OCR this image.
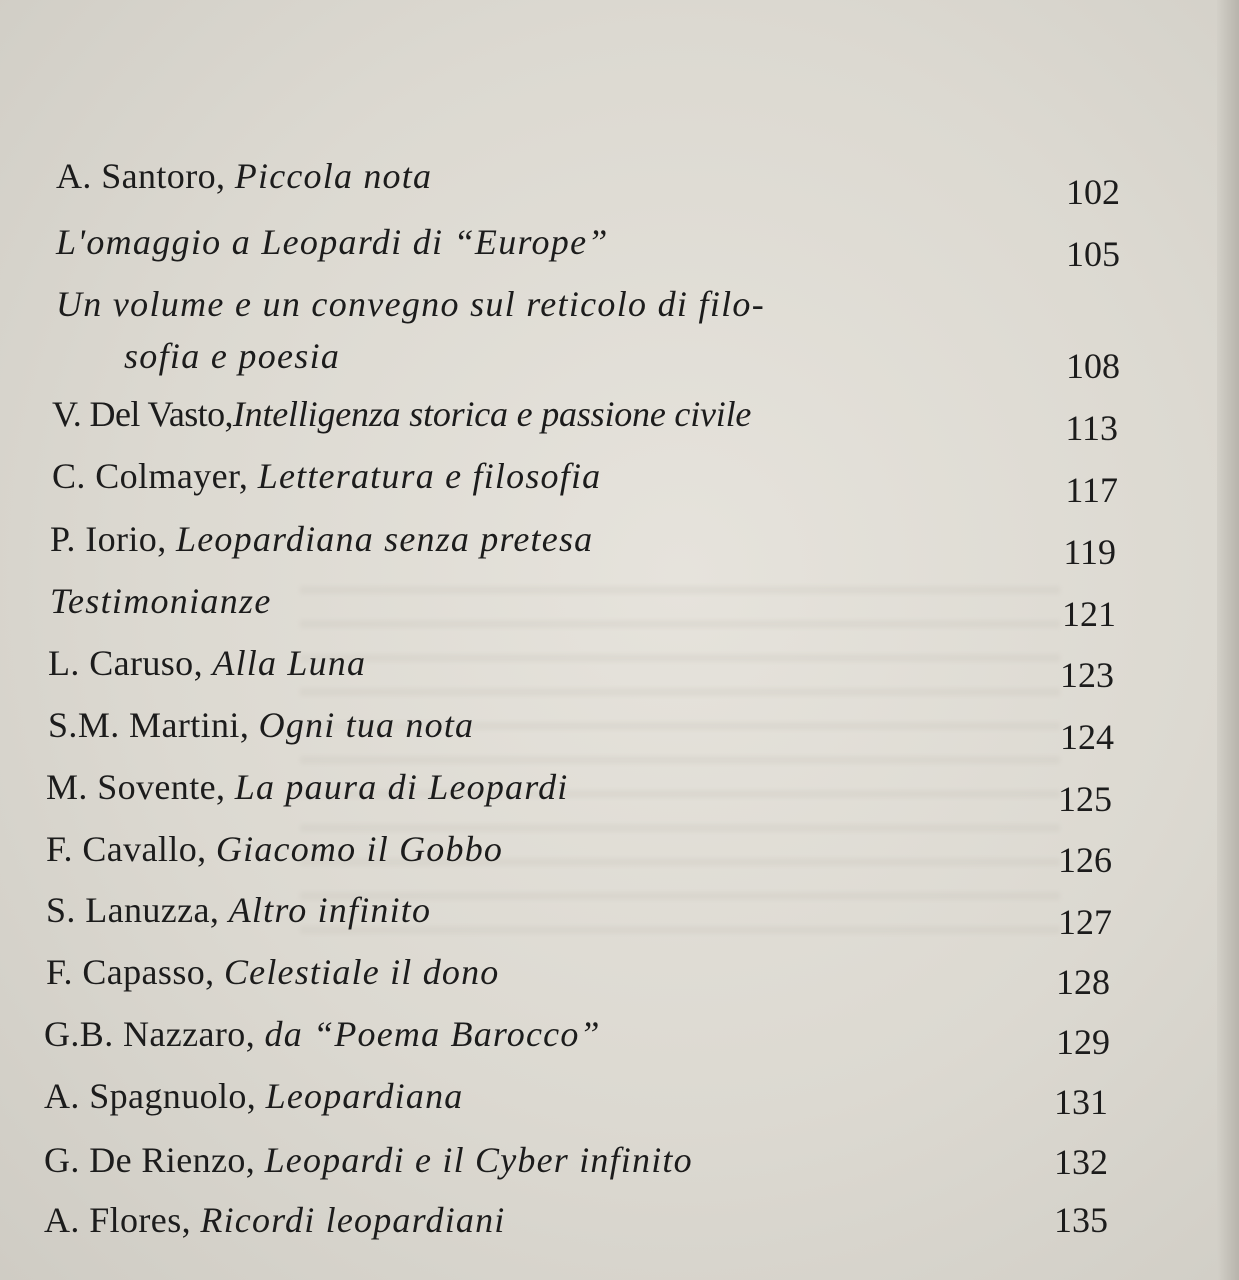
A. Santoro, Piccola nota	102
L'omaggio a Leopardi di “Europe”	105
Un volume e un convegno sul reticolo di filo-
sofia e poesia	108
V. Del Vasto,Intelligenza storica e passione civile	113
C. Colmayer, Letteratura e filosofia	117
P. Iorio, Leopardiana senza pretesa	119
Testimonianze	121
L. Caruso, Alla Luna	123
S.M. Martini, Ogni tua nota	124
M. Sovente, La paura di Leopardi	125
F. Cavallo, Giacomo il Gobbo	126
S. Lanuzza, Altro infinito	127
F. Capasso, Celestiale il dono	128
G.B. Nazzaro, da “Poema Barocco”	129
A. Spagnuolo, Leopardiana	131
G. De Rienzo, Leopardi e il Cyber infinito	132
A. Flores, Ricordi leopardiani	135
